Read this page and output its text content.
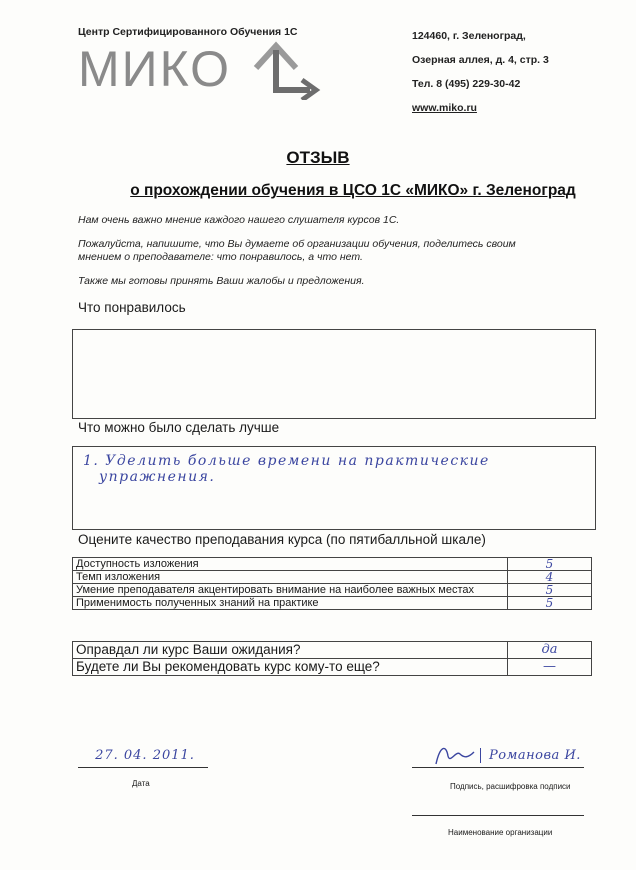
Центр Сертифицированного Обучения 1С
МИКО
124460, г. Зеленоград,
Озерная аллея, д. 4, стр. 3
Тел. 8 (495) 229-30-42
www.miko.ru
ОТЗЫВ
о прохождении обучения в ЦСО 1С «МИКО» г. Зеленоград
Нам очень важно мнение каждого нашего слушателя курсов 1С.
Пожалуйста, напишите, что Вы думаете об организации обучения, поделитесь своим
мнением о преподавателе: что понравилось, а что нет.
Также мы готовы принять Ваши жалобы и предложения.
Что понравилось
Что можно было сделать лучше
1. Уделить больше времени на практические
упражнения.
Оцените качество преподавания курса (по пятибалльной шкале)
Доступность изложения	5
Темп изложения	4
Умение преподавателя акцентировать внимание на наиболее важных местах	5
Применимость полученных знаний на практике	5
Оправдал ли курс Ваши ожидания?	да
Будете ли Вы рекомендовать курс кому-то еще?	—
27. 04. 2011.
Дата
Романова И.
Подпись, расшифровка подписи
Наименование организации
